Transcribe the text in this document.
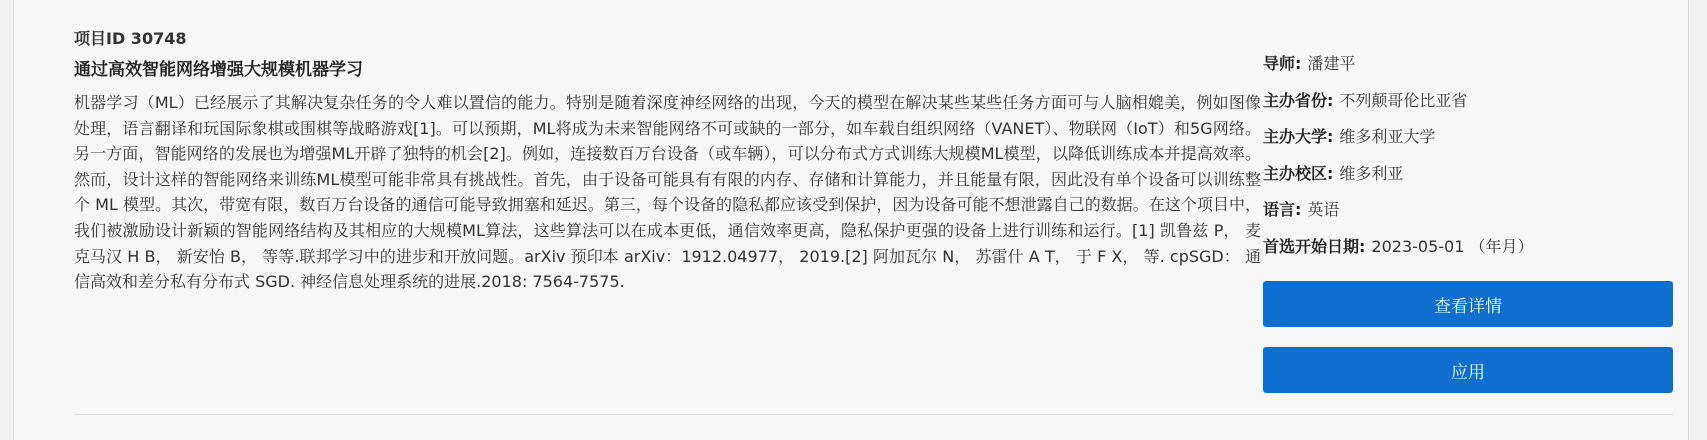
项目ID 30748
通过高效智能网络增强大规模机器学习
机器学习（ML）已经展示了其解决复杂任务的令人难以置信的能力。特别是随着深度神经网络的出现，今天的模型在解决某些某些任务方面可与人脑相媲美，例如图像处理，语言翻译和玩国际象棋或围棋等战略游戏[1]。可以预期，ML将成为未来智能网络不可或缺的一部分，如车载自组织网络（VANET）、物联网（IoT）和5G网络。另一方面，智能网络的发展也为增强ML开辟了独特的机会[2]。例如，连接数百万台设备（或车辆），可以分布式方式训练大规模ML模型，以降低训练成本并提高效率。然而，设计这样的智能网络来训练ML模型可能非常具有挑战性。首先，由于设备可能具有有限的内存、存储和计算能力，并且能量有限，因此没有单个设备可以训练整个 ML 模型。其次，带宽有限，数百万台设备的通信可能导致拥塞和延迟。第三，每个设备的隐私都应该受到保护，因为设备可能不想泄露自己的数据。在这个项目中，我们被激励设计新颖的智能网络结构及其相应的大规模ML算法，这些算法可以在成本更低，通信效率更高，隐私保护更强的设备上进行训练和运行。[1] 凯鲁兹 P， 麦克马汉 H B， 新安怡 B， 等等.联邦学习中的进步和开放问题。arXiv 预印本 arXiv：1912.04977， 2019.[2] 阿加瓦尔 N， 苏雷什 A T， 于 F X， 等. cpSGD： 通信高效和差分私有分布式 SGD. 神经信息处理系统的进展.2018: 7564-7575.
导师: 潘建平
主办省份: 不列颠哥伦比亚省
主办大学: 维多利亚大学
主办校区: 维多利亚
语言: 英语
首选开始日期: 2023-05-01 （年月）
查看详情
应用
